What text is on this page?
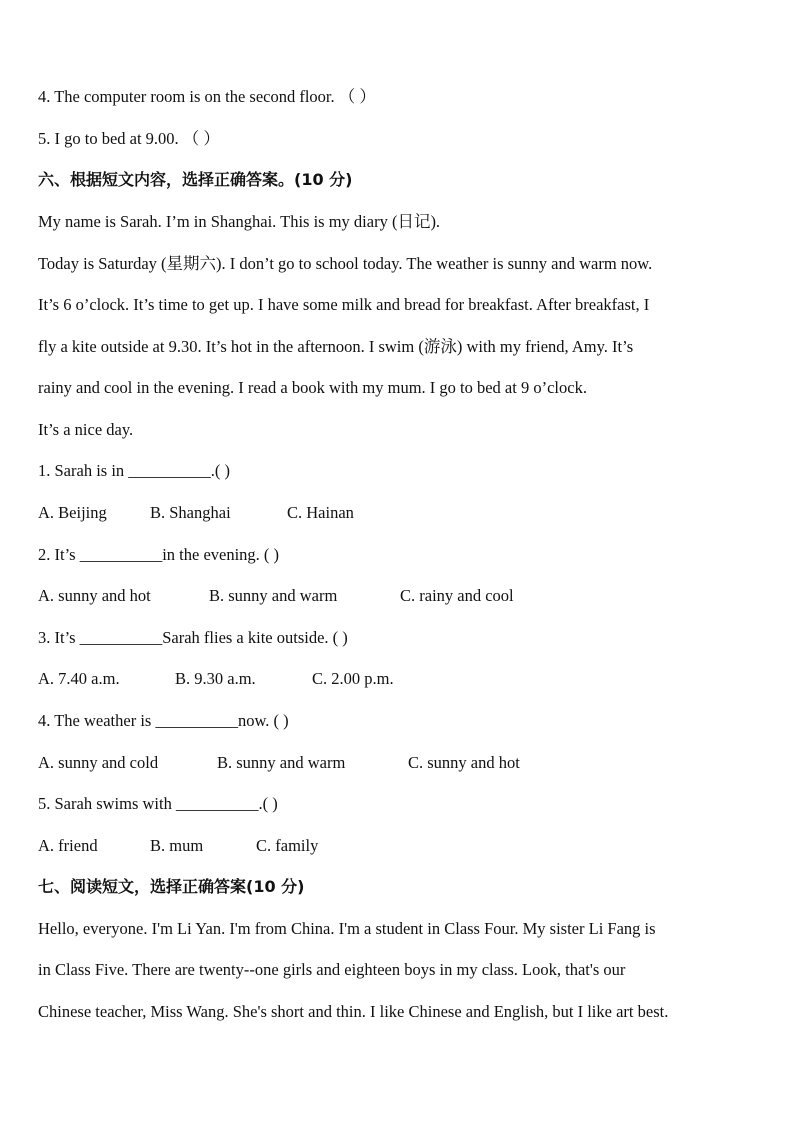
4. The computer room is on the second floor. （ ）
5. I go to bed at 9.00. （ ）
六、根据短文内容，选择正确答案。(10 分)
My name is Sarah. I’m in Shanghai. This is my diary (日记).
Today is Saturday (星期六). I don’t go to school today. The weather is sunny and warm now.
It’s 6 o’clock. It’s time to get up. I have some milk and bread for breakfast. After breakfast, I
fly a kite outside at 9.30. It’s hot in the afternoon. I swim (游泳) with my friend, Amy. It’s
rainy and cool in the evening. I read a book with my mum. I go to bed at 9 o’clock.
It’s a nice day.
1. Sarah is in __________.( )
A. Beijing	B. Shanghai	C. Hainan
2. It’s __________in the evening. ( )
A. sunny and hot	B. sunny and warm	C. rainy and cool
3. It’s __________Sarah flies a kite outside. ( )
A. 7.40 a.m.	B. 9.30 a.m.	C. 2.00 p.m.
4. The weather is __________now. ( )
A. sunny and cold	B. sunny and warm	C. sunny and hot
5. Sarah swims with __________.( )
A. friend	B. mum	C. family
七、阅读短文，选择正确答案(10 分)
Hello, everyone. I'm Li Yan. I'm from China. I'm a student in Class Four. My sister Li Fang is
in Class Five. There are twenty--one girls and eighteen boys in my class. Look, that's our
Chinese teacher, Miss Wang. She's short and thin. I like Chinese and English, but I like art best.
